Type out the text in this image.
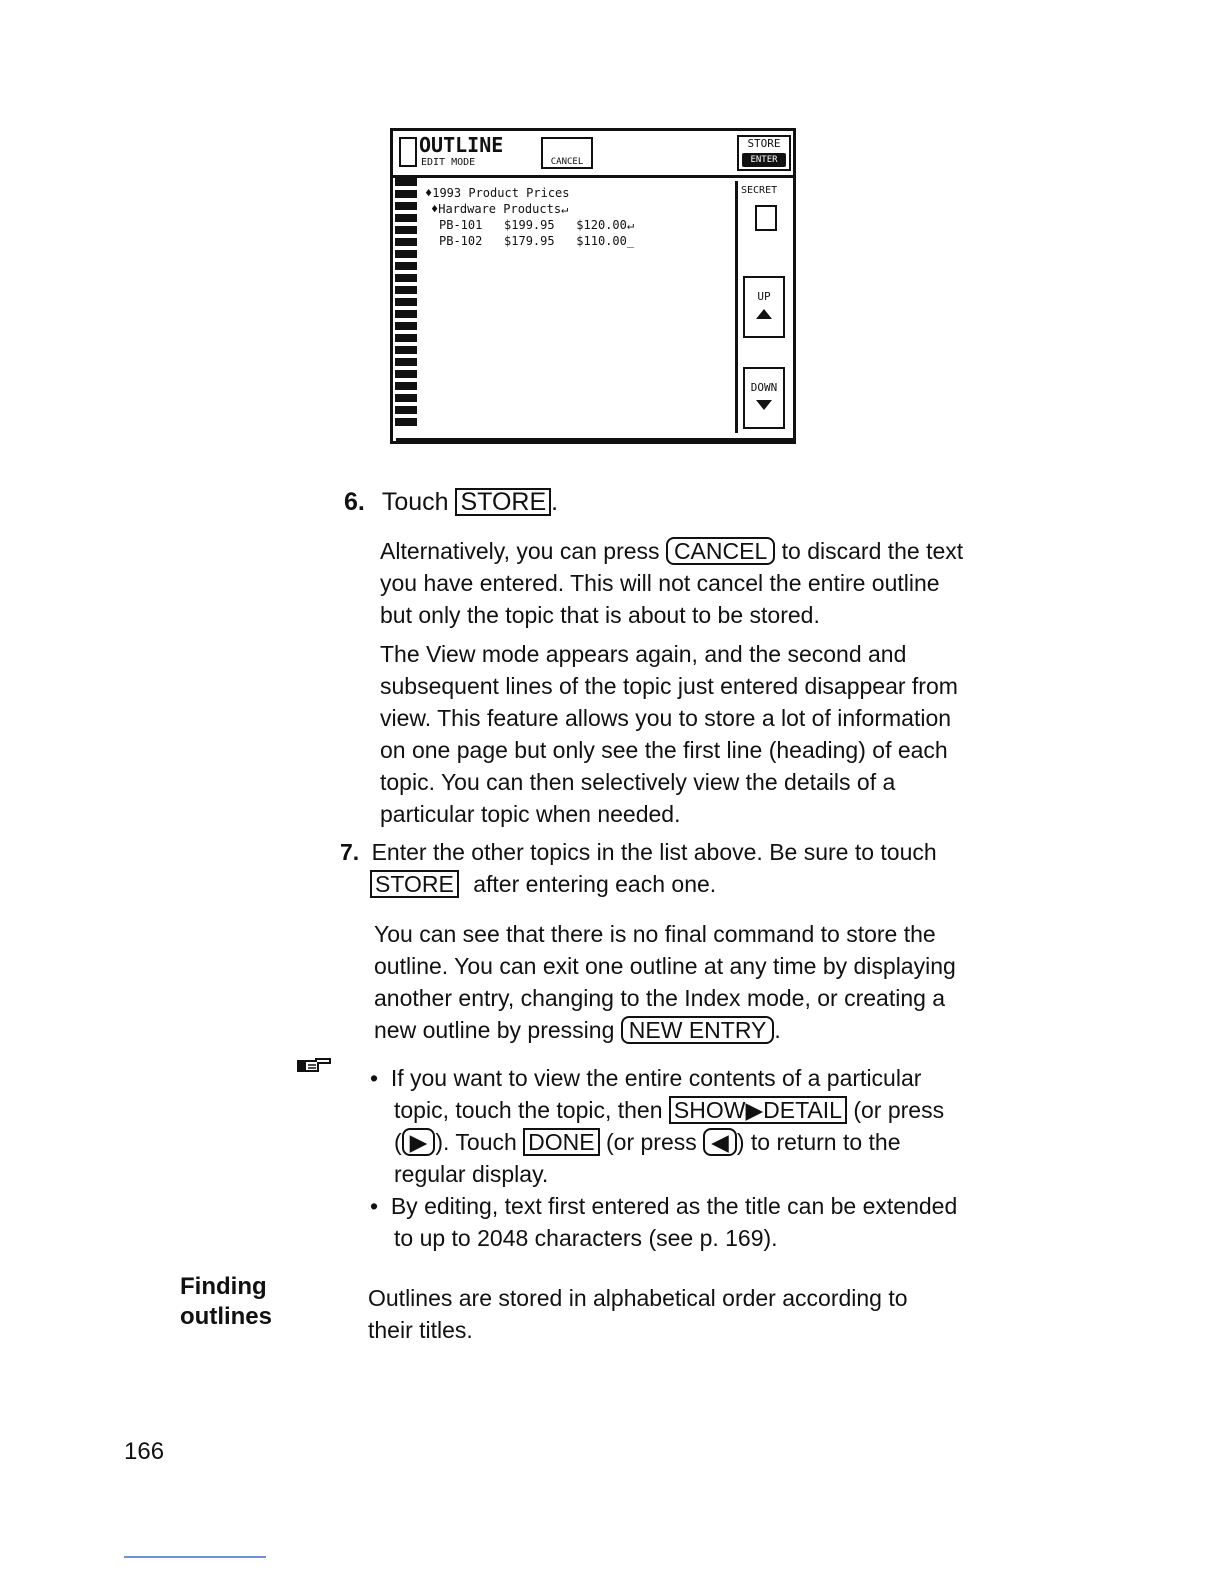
OUTLINE
EDIT MODE	CANCEL
STORE
ENTER
♦1993 Product Prices
♦Hardware Products↵
PB-101   $199.95   $120.00↵
PB-102   $179.95   $110.00_
SECRET
UP
DOWN
6. Touch STORE .

Alternatively, you can press CANCEL to discard the text

you have entered. This will not cancel the entire outline

but only the topic that is about to be stored.

The View mode appears again, and the second and

subsequent lines of the topic just entered disappear from

view. This feature allows you to store a lot of information

on one page but only see the first line (heading) of each

topic. You can then selectively view the details of a

particular topic when needed.

7. Enter the other topics in the list above. Be sure to touch

STORE after entering each one.

You can see that there is no final command to store the

outline. You can exit one outline at any time by displaying

another entry, changing to the Index mode, or creating a

new outline by pressing NEW ENTRY .

•  If you want to view the entire contents of a particular

topic, touch the topic, then SHOW▶DETAIL (or press

( ▶ ). Touch DONE (or press ◀ ) to return to the

regular display.

•  By editing, text first entered as the title can be extended

to up to 2048 characters (see p. 169).

Finding
outlines

Outlines are stored in alphabetical order according to

their titles.

166
